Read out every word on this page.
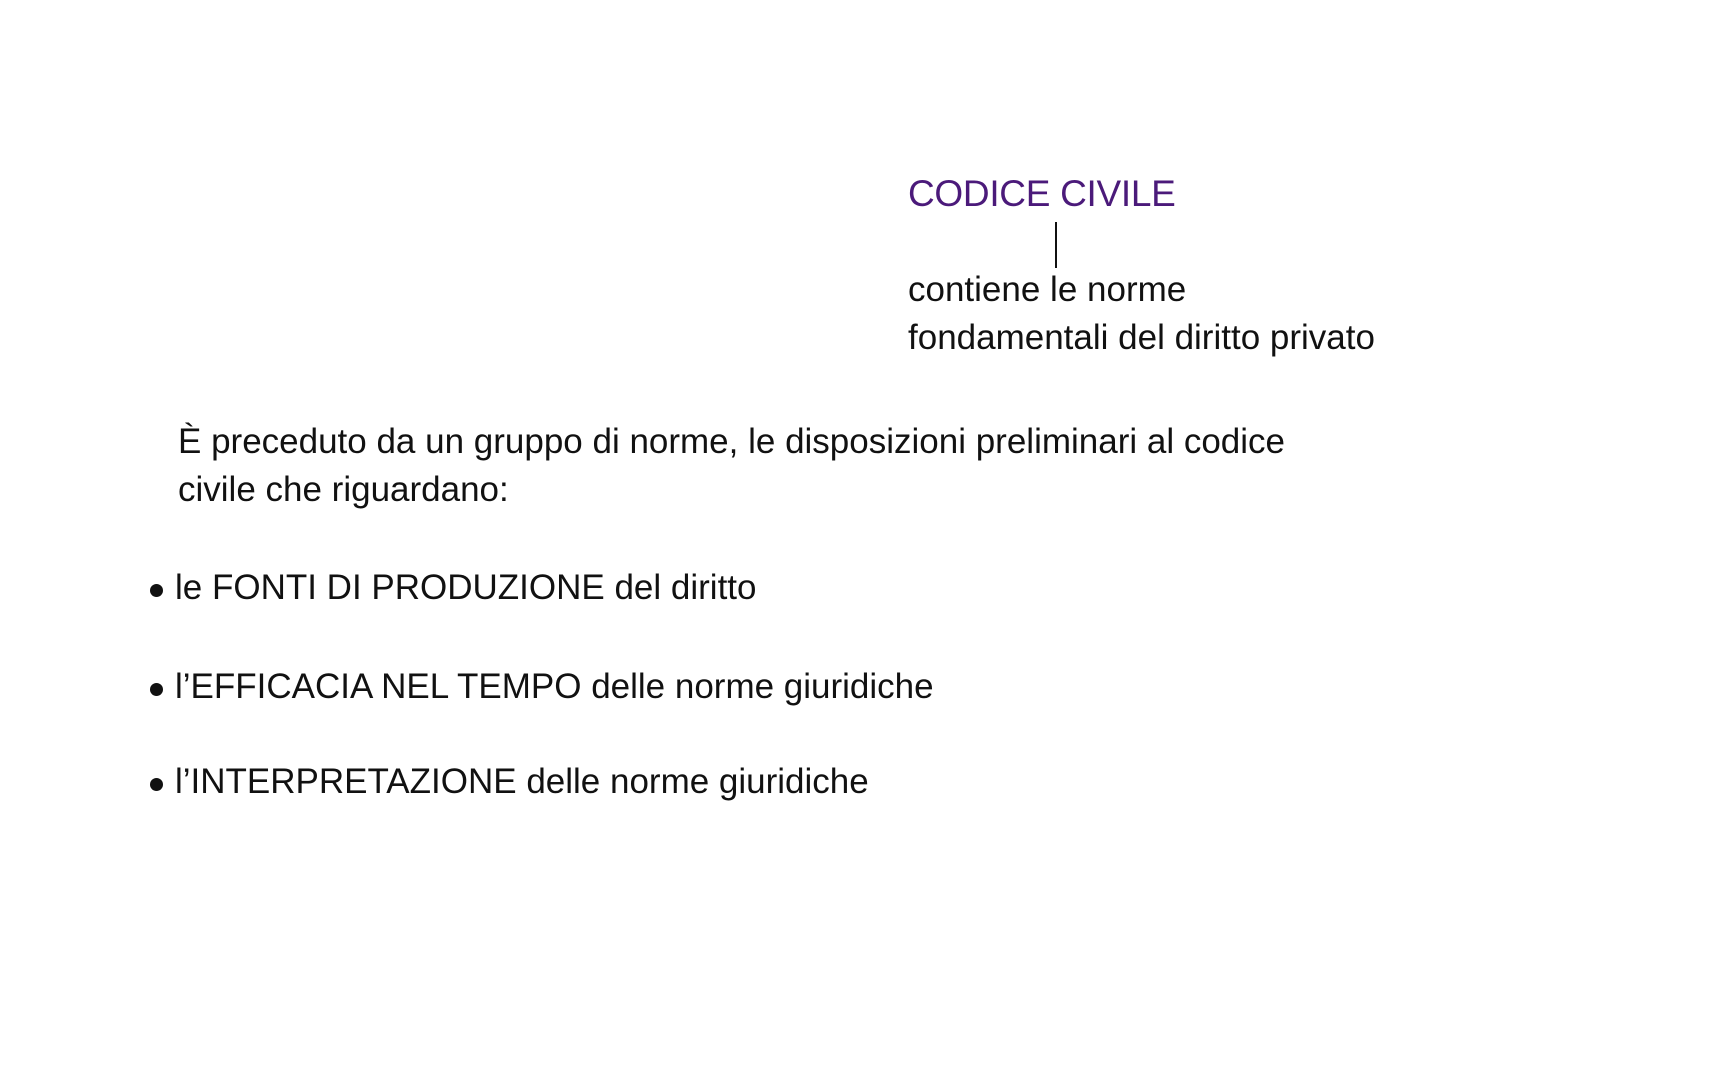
CODICE CIVILE
contiene le norme
fondamentali del diritto privato
È preceduto da un gruppo di norme, le disposizioni preliminari al codice
civile che riguardano:
le FONTI DI PRODUZIONE del diritto
l’EFFICACIA NEL TEMPO delle norme giuridiche
l’INTERPRETAZIONE delle norme giuridiche
